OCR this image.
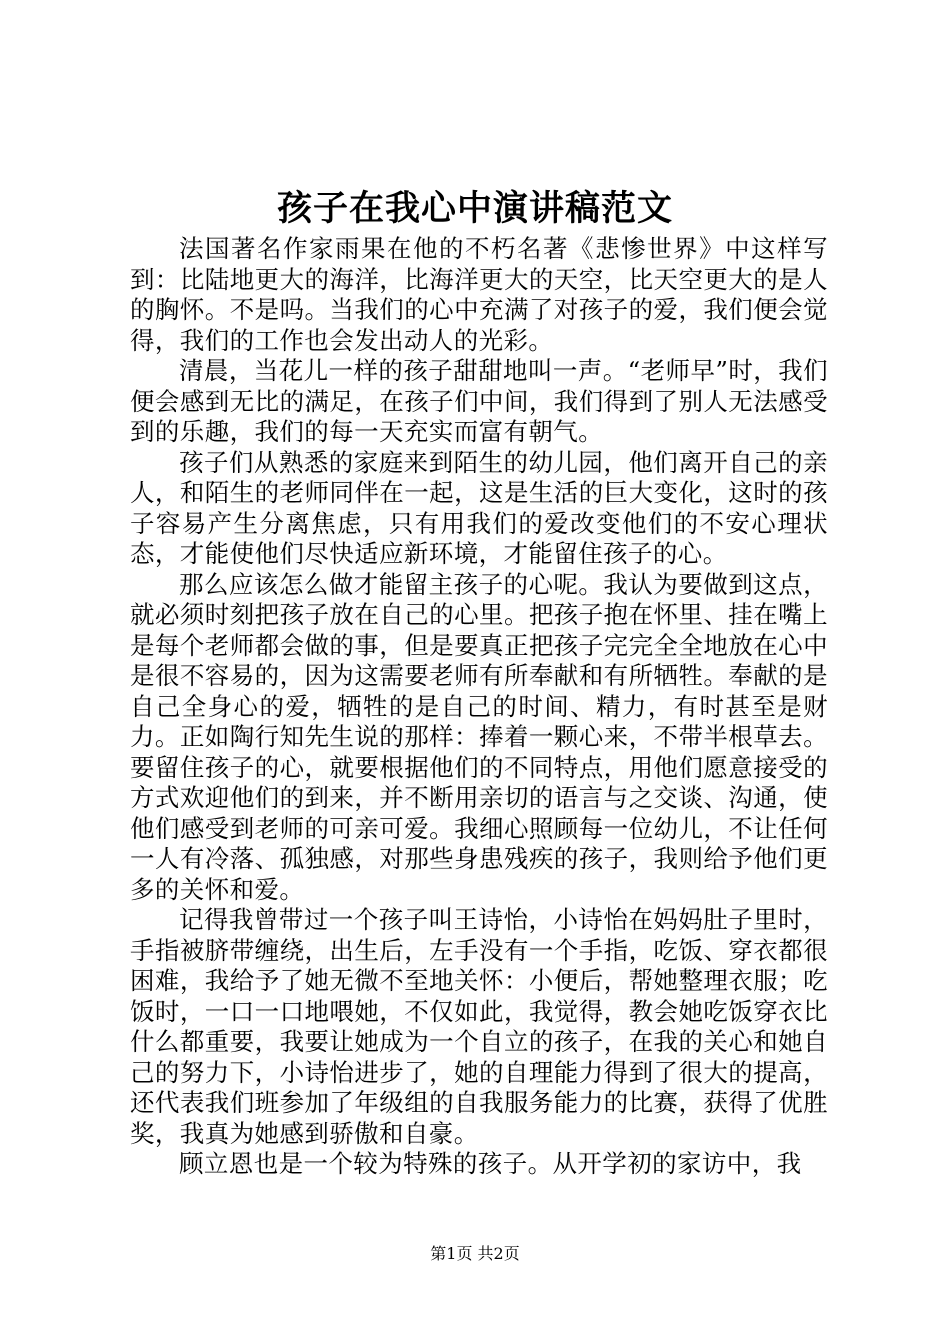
孩子在我心中演讲稿范文

法国著名作家雨果在他的不朽名著《悲惨世界》中这样写到：比陆地更大的海洋，比海洋更大的天空，比天空更大的是人的胸怀。不是吗。当我们的心中充满了对孩子的爱，我们便会觉得，我们的工作也会发出动人的光彩。

清晨，当花儿一样的孩子甜甜地叫一声。“老师早”时，我们便会感到无比的满足，在孩子们中间，我们得到了别人无法感受到的乐趣，我们的每一天充实而富有朝气。

孩子们从熟悉的家庭来到陌生的幼儿园，他们离开自己的亲人，和陌生的老师同伴在一起，这是生活的巨大变化，这时的孩子容易产生分离焦虑，只有用我们的爱改变他们的不安心理状态，才能使他们尽快适应新环境，才能留住孩子的心。

那么应该怎么做才能留主孩子的心呢。我认为要做到这点，就必须时刻把孩子放在自己的心里。把孩子抱在怀里、挂在嘴上是每个老师都会做的事，但是要真正把孩子完完全全地放在心中是很不容易的，因为这需要老师有所奉献和有所牺牲。奉献的是自己全身心的爱，牺牲的是自己的时间、精力，有时甚至是财力。正如陶行知先生说的那样：捧着一颗心来，不带半根草去。要留住孩子的心，就要根据他们的不同特点，用他们愿意接受的方式欢迎他们的到来，并不断用亲切的语言与之交谈、沟通，使他们感受到老师的可亲可爱。我细心照顾每一位幼儿，不让任何一人有冷落、孤独感，对那些身患残疾的孩子，我则给予他们更多的关怀和爱。

记得我曾带过一个孩子叫王诗怡，小诗怡在妈妈肚子里时，手指被脐带缠绕，出生后，左手没有一个手指，吃饭、穿衣都很困难，我给予了她无微不至地关怀：小便后，帮她整理衣服；吃饭时，一口一口地喂她，不仅如此，我觉得，教会她吃饭穿衣比什么都重要，我要让她成为一个自立的孩子，在我的关心和她自己的努力下，小诗怡进步了，她的自理能力得到了很大的提高，还代表我们班参加了年级组的自我服务能力的比赛，获得了优胜奖，我真为她感到骄傲和自豪。

顾立恩也是一个较为特殊的孩子。从开学初的家访中，我

第1页 共2页
